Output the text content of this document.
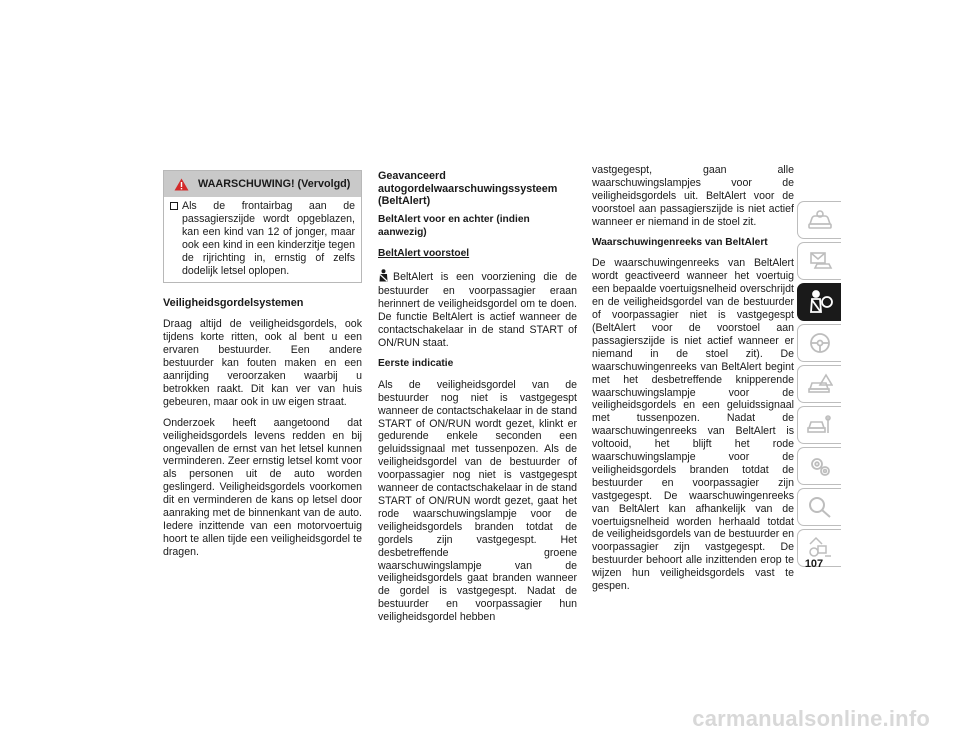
WAARSCHUWING! (Vervolgd)
Als de frontairbag aan de passagierszijde wordt opgeblazen, kan een kind van 12 of jonger, maar ook een kind in een kinderzitje tegen de rijrichting in, ernstig of zelfs dodelijk letsel oplopen.
Veiligheidsgordelsystemen

Draag altijd de veiligheidsgordels, ook tijdens korte ritten, ook al bent u een ervaren bestuurder. Een andere bestuurder kan fouten maken en een aanrijding veroorzaken waarbij u betrokken raakt. Dit kan ver van huis gebeuren, maar ook in uw eigen straat.

Onderzoek heeft aangetoond dat veiligheidsgordels levens redden en bij ongevallen de ernst van het letsel kunnen verminderen. Zeer ernstig letsel komt voor als personen uit de auto worden geslingerd. Veiligheidsgordels voorkomen dit en verminderen de kans op letsel door aanraking met de binnenkant van de auto. Iedere inzittende van een motorvoertuig hoort te allen tijde een veiligheidsgordel te dragen.

Geavanceerd autogordelwaarschuwingssysteem (BeltAlert)
BeltAlert voor en achter (indien aanwezig)
BeltAlert voorstoel

BeltAlert is een voorziening die de bestuurder en voorpassagier eraan herinnert de veiligheidsgordel om te doen. De functie BeltAlert is actief wanneer de contactschakelaar in de stand START of ON/RUN staat.

Eerste indicatie

Als de veiligheidsgordel van de bestuurder nog niet is vastgegespt wanneer de contactschakelaar in de stand START of ON/RUN wordt gezet, klinkt er gedurende enkele seconden een geluidssignaal met tussenpozen. Als de veiligheidsgordel van de bestuurder of voorpassagier nog niet is vastgegespt wanneer de contactschakelaar in de stand START of ON/RUN wordt gezet, gaat het rode waarschuwingslampje voor de veiligheidsgordels branden totdat de gordels zijn vastgegespt. Het desbetreffende groene waarschuwingslampje van de veiligheidsgordels gaat branden wanneer de gordel is vastgegespt. Nadat de bestuurder en voorpassagier hun veiligheidsgordel hebben

vastgegespt, gaan alle waarschuwingslampjes voor de veiligheidsgordels uit. BeltAlert voor de voorstoel aan passagierszijde is niet actief wanneer er niemand in de stoel zit.

Waarschuwingenreeks van BeltAlert

De waarschuwingenreeks van BeltAlert wordt geactiveerd wanneer het voertuig een bepaalde voertuigsnelheid overschrijdt en de veiligheidsgordel van de bestuurder of voorpassagier niet is vastgegespt (BeltAlert voor de voorstoel aan passagierszijde is niet actief wanneer er niemand in de stoel zit). De waarschuwingenreeks van BeltAlert begint met het desbetreffende knipperende waarschuwingslampje voor de veiligheidsgordels en een geluidssignaal met tussenpozen. Nadat de waarschuwingenreeks van BeltAlert is voltooid, het blijft het rode waarschuwingslampje voor de veiligheidsgordels branden totdat de bestuurder en voorpassagier zijn vastgegespt. De waarschuwingenreeks van BeltAlert kan afhankelijk van de voertuigsnelheid worden herhaald totdat de veiligheidsgordels van de bestuurder en voorpassagier zijn vastgegespt. De bestuurder behoort alle inzittenden erop te wijzen hun veiligheidsgordels vast te gespen.

107
carmanualsonline.info
